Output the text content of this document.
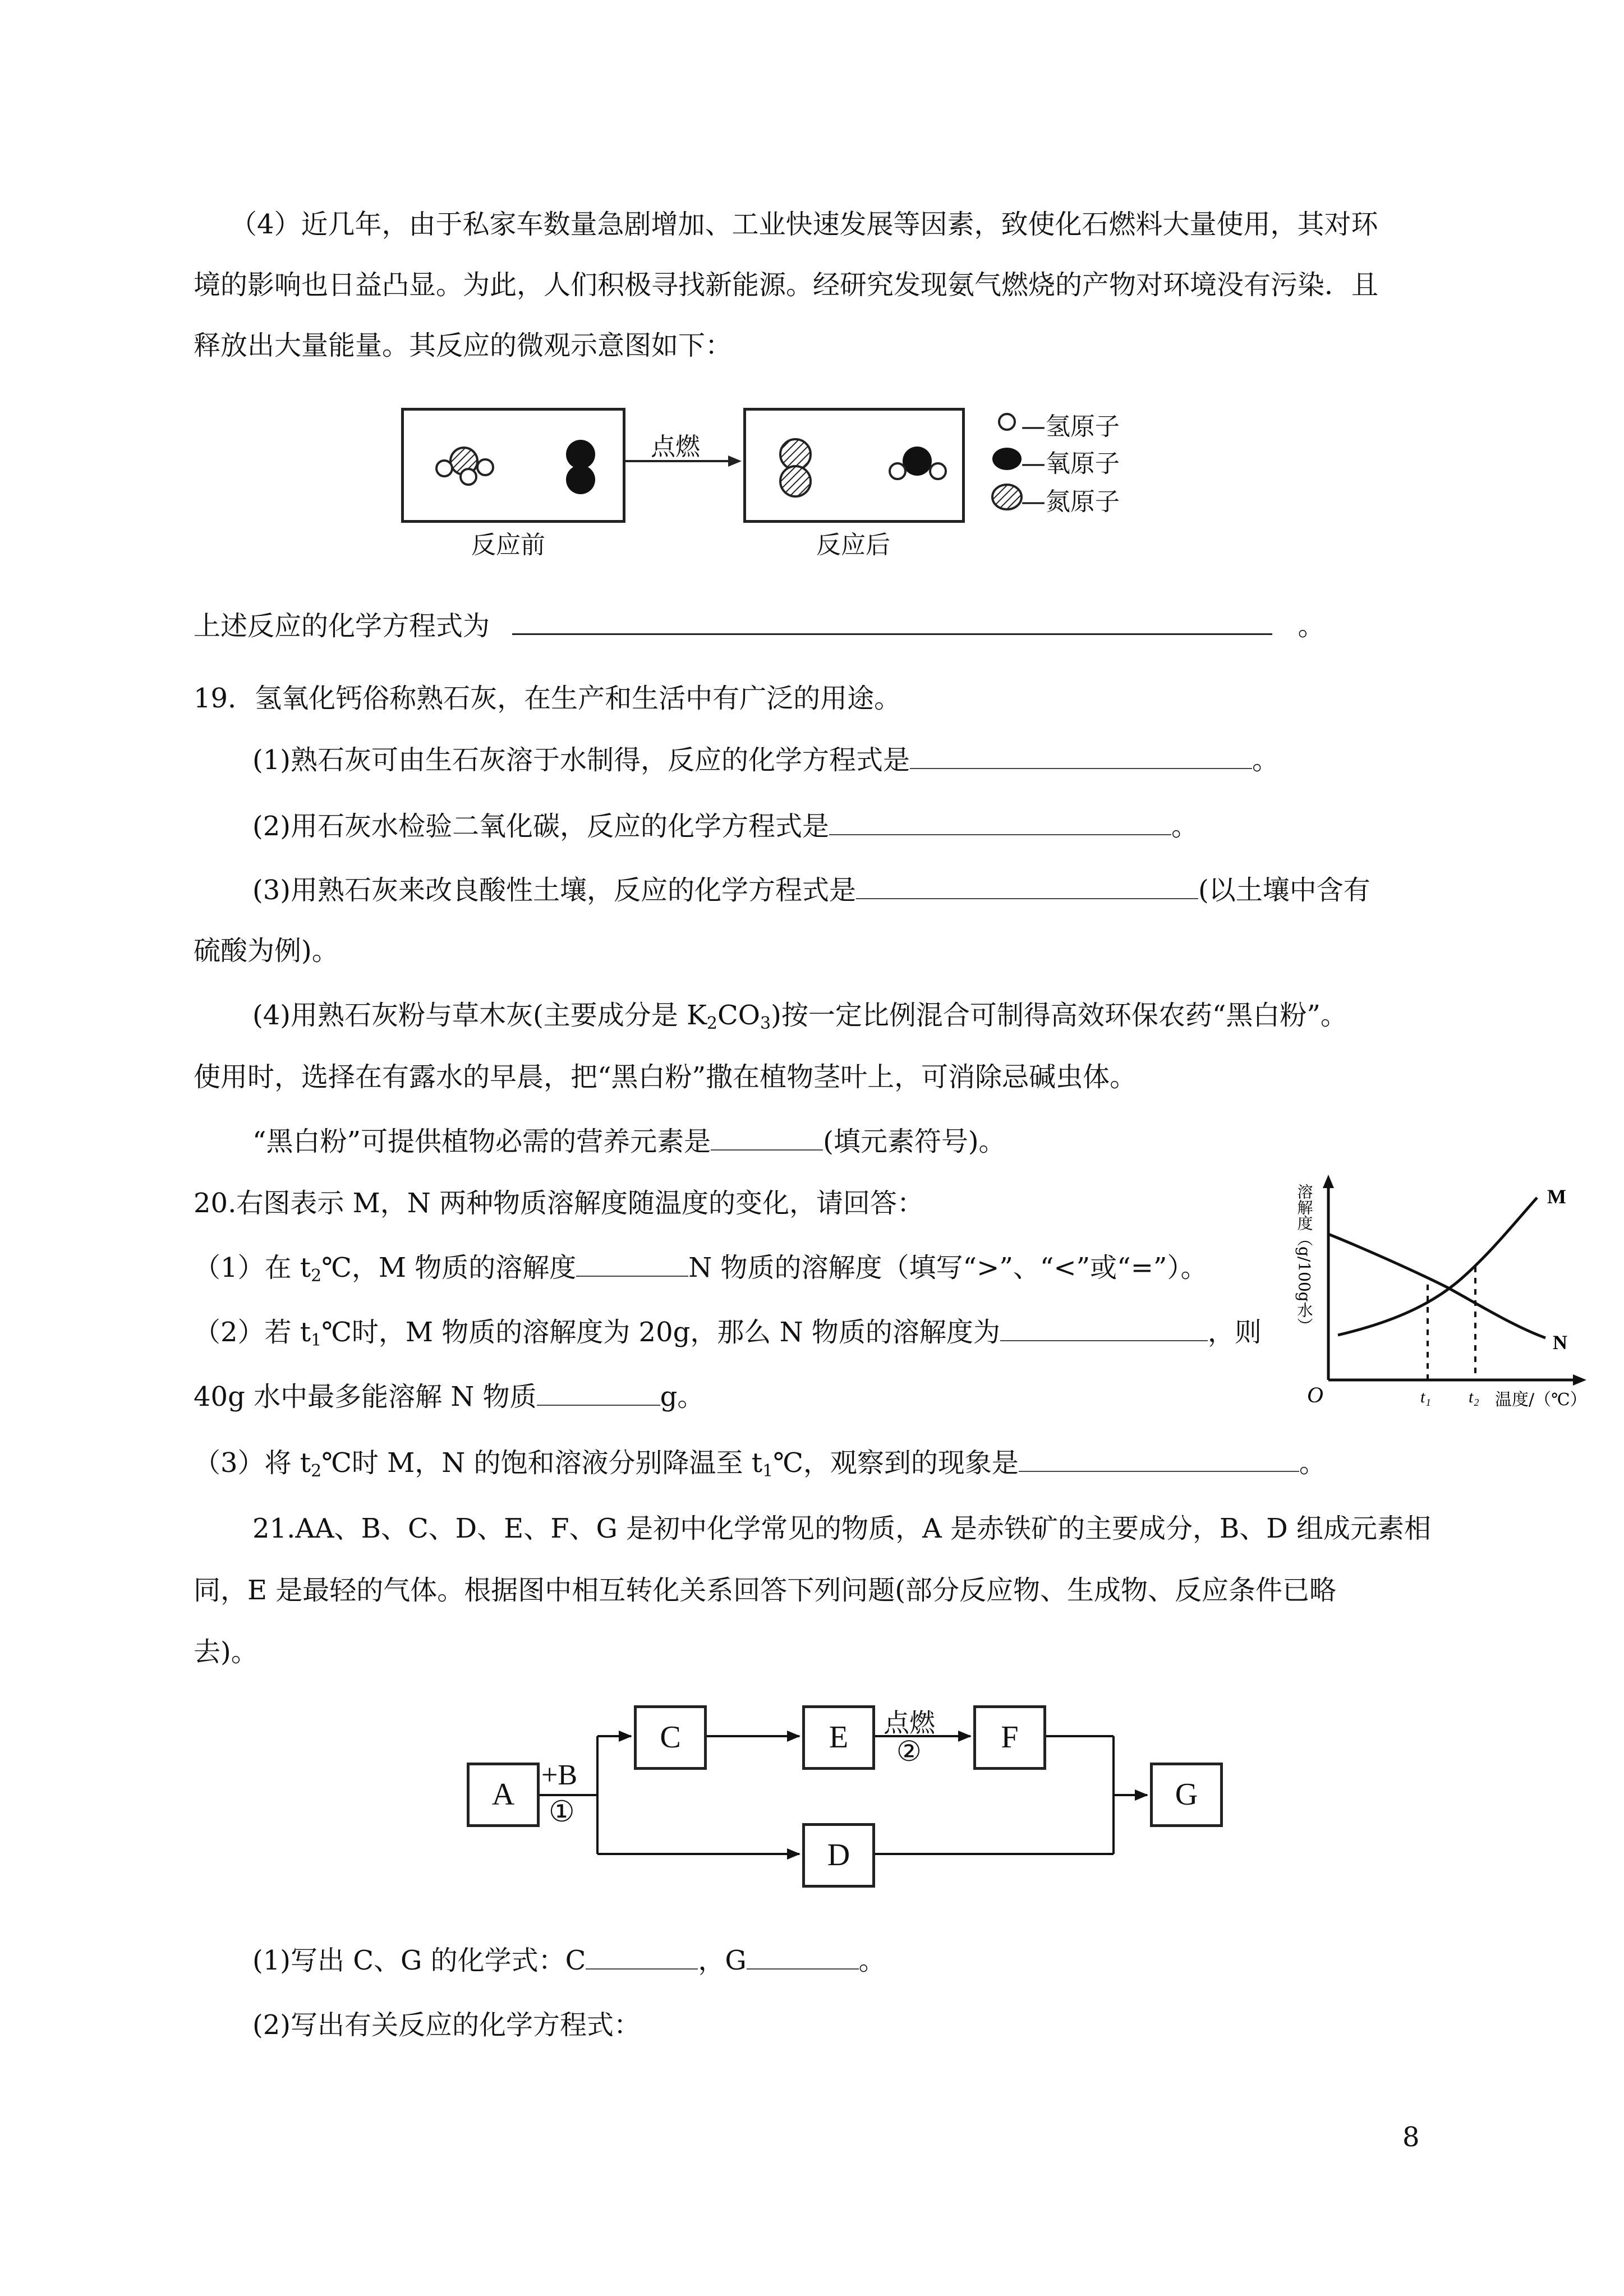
（4）近几年，由于私家车数量急剧增加、工业快速发展等因素，致使化石燃料大量使用，其对环
境的影响也日益凸显。为此，人们积极寻找新能源。经研究发现氨气燃烧的产物对环境没有污染．且
释放出大量能量。其反应的微观示意图如下：
点燃
反应前	反应后
—氢原子
—氧原子
—氮原子
上述反应的化学方程式为	。
19．氢氧化钙俗称熟石灰，在生产和生活中有广泛的用途。
(1)熟石灰可由生石灰溶于水制得，反应的化学方程式是	。
(2)用石灰水检验二氧化碳，反应的化学方程式是	。
(3)用熟石灰来改良酸性土壤，反应的化学方程式是	(以土壤中含有
硫酸为例)。
(4)用熟石灰粉与草木灰(主要成分是 $K_2CO_3$)按一定比例混合可制得高效环保农药“黑白粉”。
使用时，选择在有露水的早晨，把“黑白粉”撒在植物茎叶上，可消除忌碱虫体。
“黑白粉”可提供植物必需的营养元素是	(填元素符号)。
20.右图表示 M，N 两种物质溶解度随温度的变化，请回答：
（1）在 $t_2℃$，M 物质的溶解度	N 物质的溶解度（填写“>”、“<”或“=”）。
（2）若 $t_1℃$时，M 物质的溶解度为 20g，那么 N 物质的溶解度为	，则
40g 水中最多能溶解 N 物质	g。
（3）将 $t_2℃$时 M，N 的饱和溶液分别降温至 $t_1℃$，观察到的现象是	。
溶解度（g/100g水）
O	t₁ t₂ 温度/（℃）
M
N
21.AA、B、C、D、E、F、G 是初中化学常见的物质，A 是赤铁矿的主要成分，B、D 组成元素相
同，E 是最轻的气体。根据图中相互转化关系回答下列问题(部分反应物、生成物、反应条件已略
去)。
A
C	E	F
D
G
+B
①
点燃
②
(1)写出 C、G 的化学式：C	，G	。
(2)写出有关反应的化学方程式：
8
